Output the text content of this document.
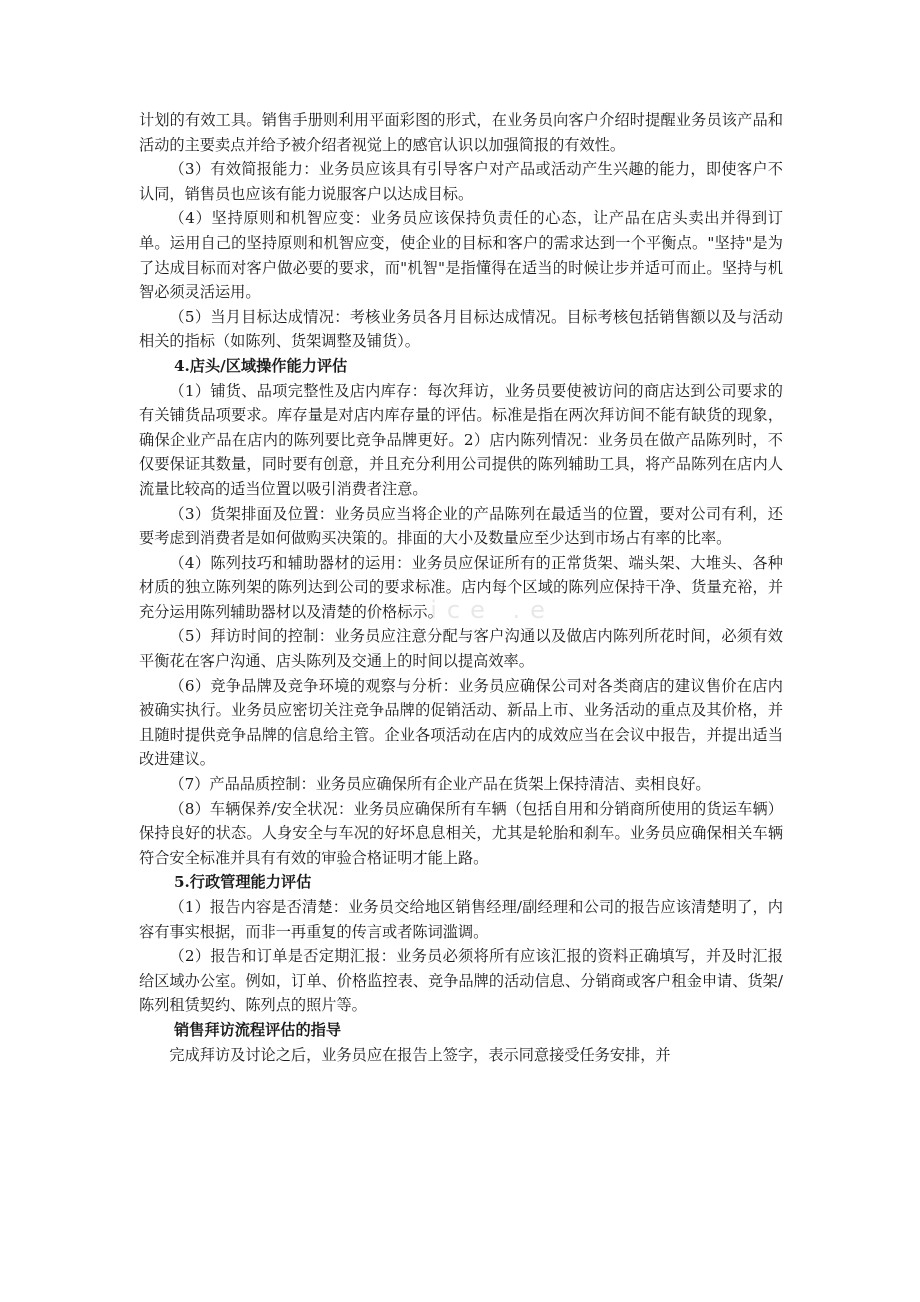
计划的有效工具。销售手册则利用平面彩图的形式，在业务员向客户介绍时提醒业务员该产品和活动的主要卖点并给予被介绍者视觉上的感官认识以加强简报的有效性。

（3）有效简报能力：业务员应该具有引导客户对产品或活动产生兴趣的能力，即使客户不认同，销售员也应该有能力说服客户以达成目标。

（4）坚持原则和机智应变：业务员应该保持负责任的心态，让产品在店头卖出并得到订单。运用自己的坚持原则和机智应变，使企业的目标和客户的需求达到一个平衡点。"坚持"是为了达成目标而对客户做必要的要求，而"机智"是指懂得在适当的时候让步并适可而止。坚持与机智必须灵活运用。

（5）当月目标达成情况：考核业务员各月目标达成情况。目标考核包括销售额以及与活动相关的指标（如陈列、货架调整及铺货）。

4.店头/区域操作能力评估

（1）铺货、品项完整性及店内库存：每次拜访，业务员要使被访问的商店达到公司要求的有关铺货品项要求。库存量是对店内库存量的评估。标准是指在两次拜访间不能有缺货的现象，确保企业产品在店内的陈列要比竞争品牌更好。2）店内陈列情况：业务员在做产品陈列时，不仅要保证其数量，同时要有创意，并且充分利用公司提供的陈列辅助工具，将产品陈列在店内人流量比较高的适当位置以吸引消费者注意。

（3）货架排面及位置：业务员应当将企业的产品陈列在最适当的位置，要对公司有利，还要考虑到消费者是如何做购买决策的。排面的大小及数量应至少达到市场占有率的比率。

（4）陈列技巧和辅助器材的运用：业务员应保证所有的正常货架、端头架、大堆头、各种材质的独立陈列架的陈列达到公司的要求标准。店内每个区域的陈列应保持干净、货量充裕，并充分运用陈列辅助器材以及清楚的价格标示。

（5）拜访时间的控制：业务员应注意分配与客户沟通以及做店内陈列所花时间，必须有效平衡花在客户沟通、店头陈列及交通上的时间以提高效率。

（6）竞争品牌及竞争环境的观察与分析：业务员应确保公司对各类商店的建议售价在店内被确实执行。业务员应密切关注竞争品牌的促销活动、新品上市、业务活动的重点及其价格，并且随时提供竞争品牌的信息给主管。企业各项活动在店内的成效应当在会议中报告，并提出适当改进建议。

（7）产品品质控制：业务员应确保所有企业产品在货架上保持清洁、卖相良好。

（8）车辆保养/安全状况：业务员应确保所有车辆（包括自用和分销商所使用的货运车辆）保持良好的状态。人身安全与车况的好坏息息相关，尤其是轮胎和刹车。业务员应确保相关车辆符合安全标准并具有有效的审验合格证明才能上路。

5.行政管理能力评估

（1）报告内容是否清楚：业务员交给地区销售经理/副经理和公司的报告应该清楚明了，内容有事实根据，而非一再重复的传言或者陈词滥调。

（2）报告和订单是否定期汇报：业务员必须将所有应该汇报的资料正确填写，并及时汇报给区域办公室。例如，订单、价格监控表、竞争品牌的活动信息、分销商或客户租金申请、货架/陈列租赁契约、陈列点的照片等。

销售拜访流程评估的指导

完成拜访及讨论之后，业务员应在报告上签字，表示同意接受任务安排，并

. ice .e
